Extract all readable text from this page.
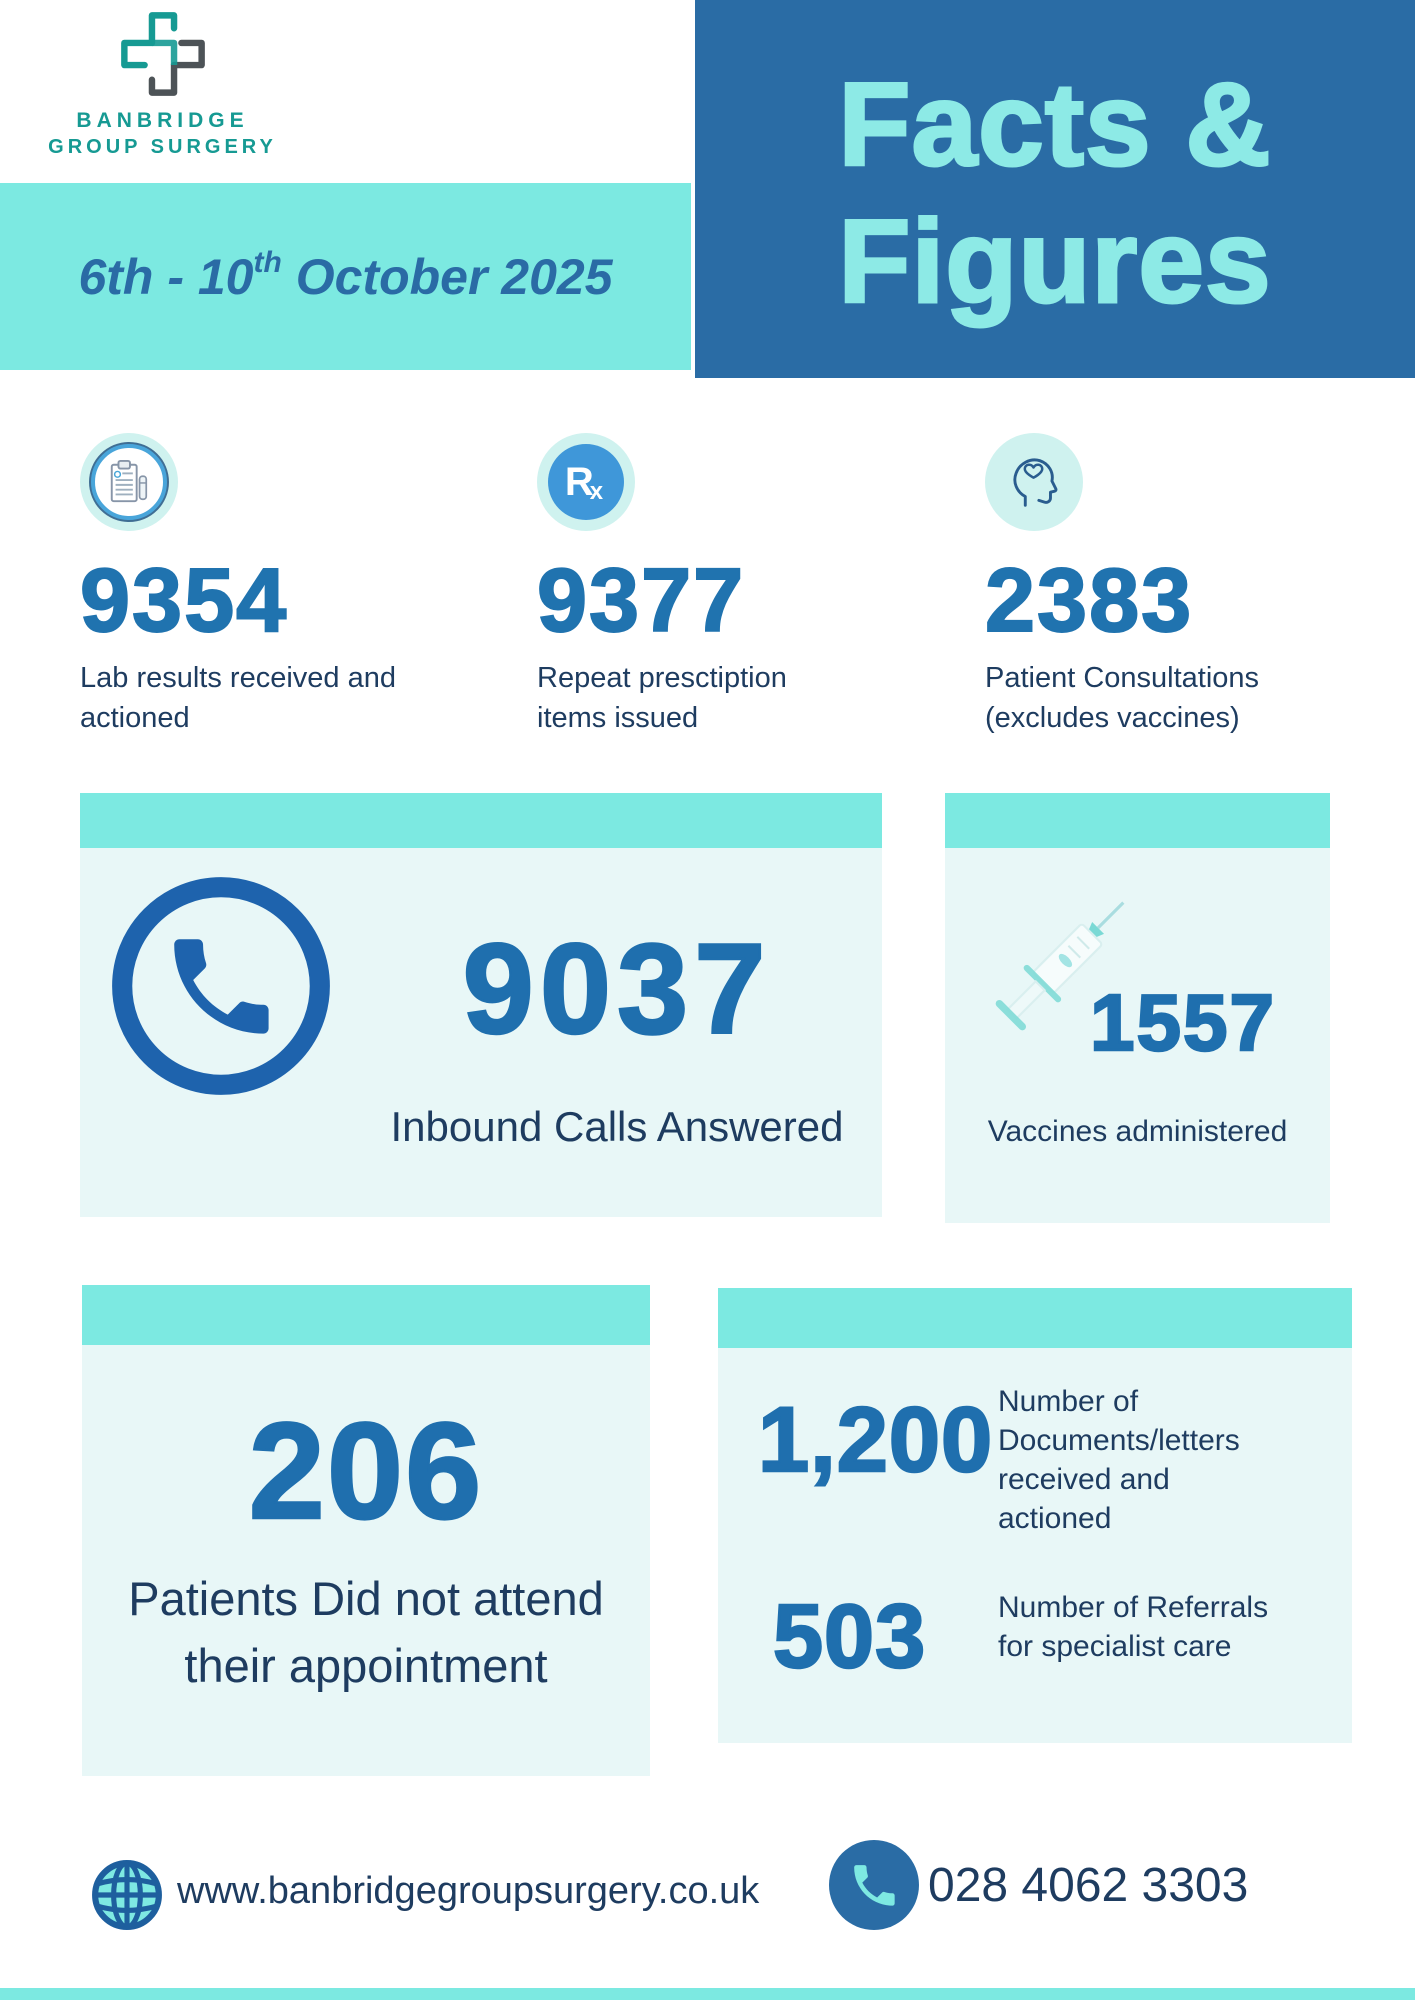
BANBRIDGE
GROUP SURGERY
6th - 10th October 2025
Facts &
Figures
9354
Lab results received and
actioned
R
x
9377
Repeat presctiption
items issued
2383
Patient Consultations
(excludes vaccines)
9037
Inbound Calls Answered
1557
Vaccines administered
206
Patients Did not attend
their appointment
1,200 Number of
Documents/letters
received and
actioned
503 Number of Referrals
for specialist care
www.banbridgegroupsurgery.co.uk	028 4062 3303
